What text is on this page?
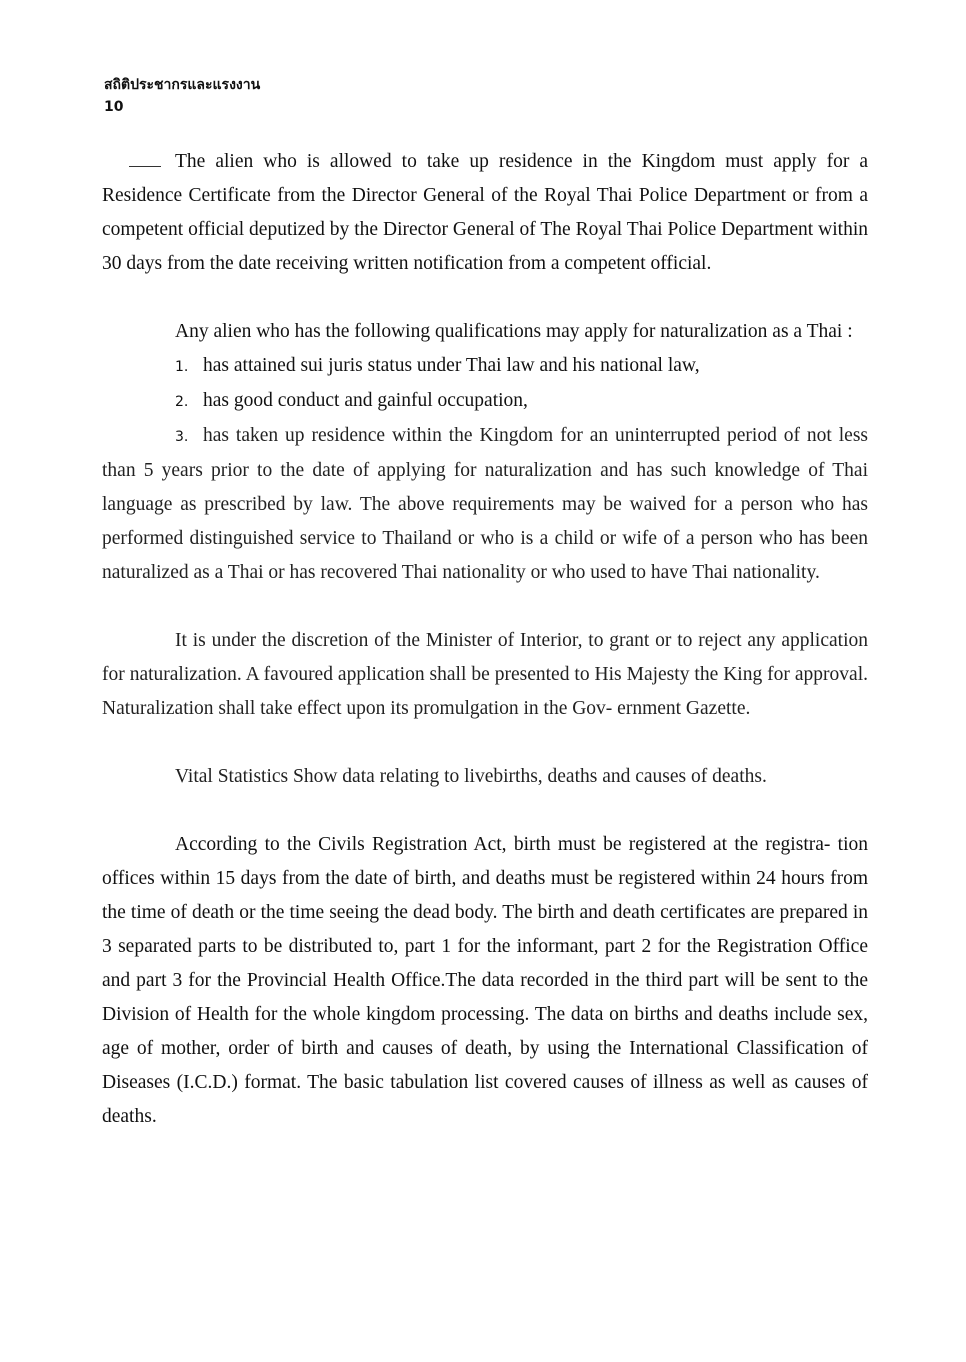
สถิติประชากรและแรงงาน
10

The alien who is allowed to take up residence in the Kingdom must apply for a Residence Certificate from the Director General of the Royal Thai Police Department or from a competent official deputized by the Director General of The Royal Thai Police Department within 30 days from the date receiving written notification from a competent official.

Any alien who has the following qualifications may apply for naturalization as a Thai :

1. has attained sui juris status under Thai law and his national law,

2. has good conduct and gainful occupation,

3. has taken up residence within the Kingdom for an uninterrupted period of not less than 5 years prior to the date of applying for naturalization and has such knowledge of Thai language as prescribed by law. The above requirements may be waived for a person who has performed distinguished service to Thailand or who is a child or wife of a person who has been naturalized as a Thai or has recovered Thai nationality or who used to have Thai nationality.

It is under the discretion of the Minister of Interior, to grant or to reject any application for naturalization. A favoured application shall be presented to His Majesty the King for approval. Naturalization shall take effect upon its promulgation in the Gov- ernment Gazette.

Vital Statistics Show data relating to livebirths, deaths and causes of deaths.

According to the Civils Registration Act, birth must be registered at the registra- tion offices within 15 days from the date of birth, and deaths must be registered within 24 hours from the time of death or the time seeing the dead body. The birth and death certificates are prepared in 3 separated parts to be distributed to, part 1 for the informant, part 2 for the Registration Office and part 3 for the Provincial Health Office.The data recorded in the third part will be sent to the Division of Health for the whole kingdom processing. The data on births and deaths include sex, age of mother, order of birth and causes of death, by using the International Classification of Diseases (I.C.D.) format. The basic tabulation list covered causes of illness as well as causes of deaths.
